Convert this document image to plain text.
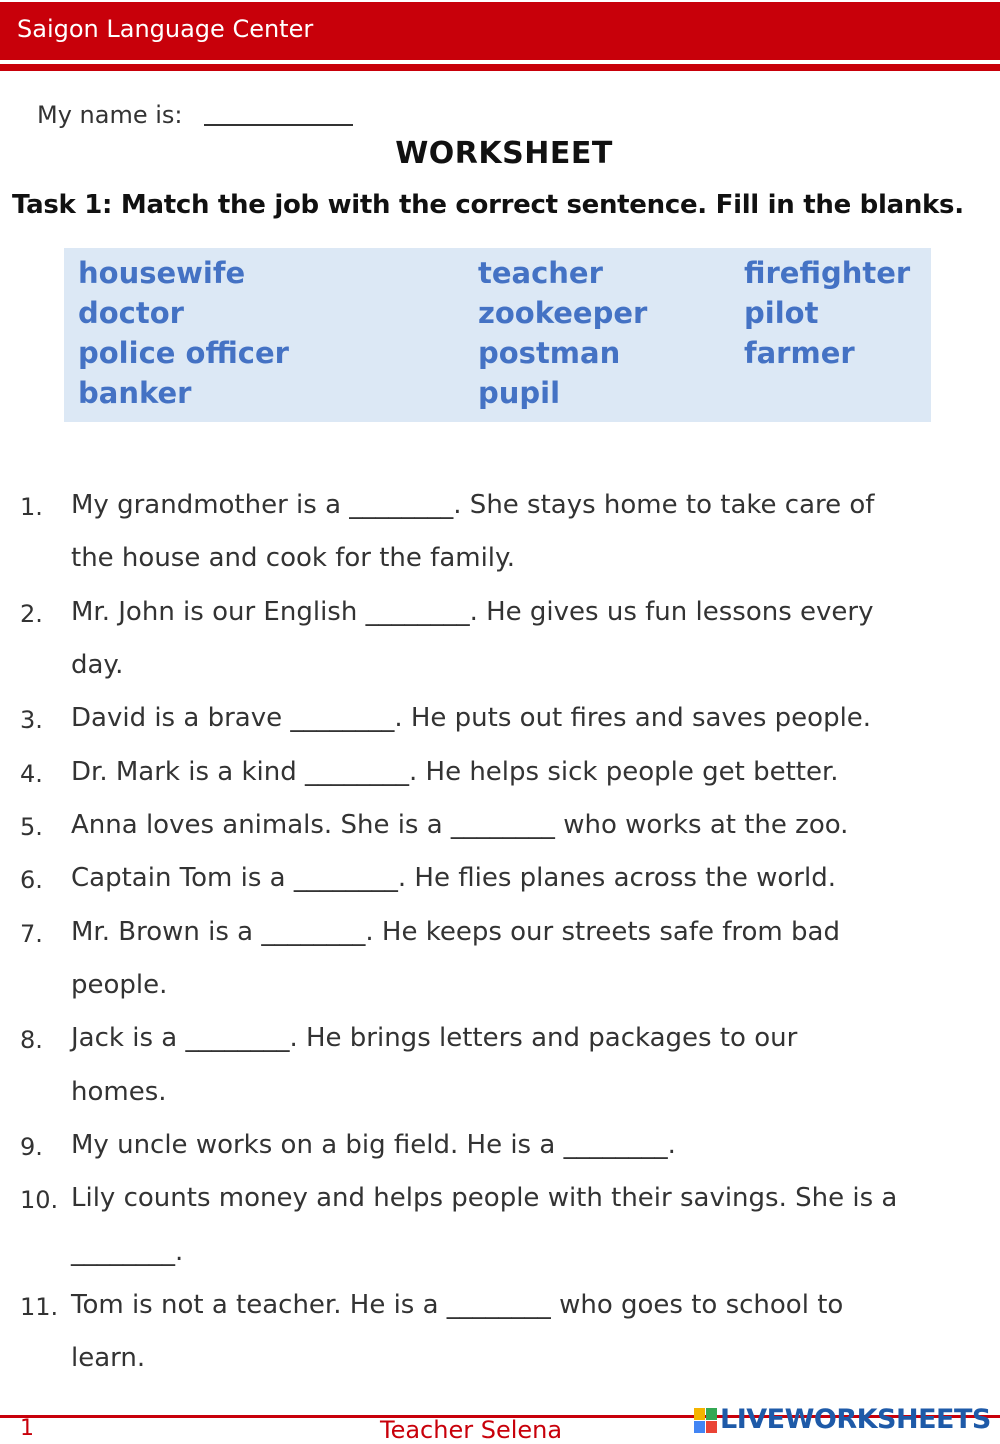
Saigon Language Center
My name is:
WORKSHEET
Task 1: Match the job with the correct sentence. Fill in the blanks.
housewife	teacher	firefighter
doctor	zookeeper	pilot
police officer	postman	farmer
banker	pupil
1. My grandmother is a ________. She stays home to take care of
the house and cook for the family.
2. Mr. John is our English ________. He gives us fun lessons every
day.
3. David is a brave ________. He puts out fires and saves people.
4. Dr. Mark is a kind ________. He helps sick people get better.
5. Anna loves animals. She is a ________ who works at the zoo.
6. Captain Tom is a ________. He flies planes across the world.
7. Mr. Brown is a ________. He keeps our streets safe from bad
people.
8. Jack is a ________. He brings letters and packages to our
homes.
9. My uncle works on a big field. He is a ________.
10. Lily counts money and helps people with their savings. She is a
________.
11. Tom is not a teacher. He is a ________ who goes to school to
learn.
1	Teacher Selena	LIVEWORKSHEETS
